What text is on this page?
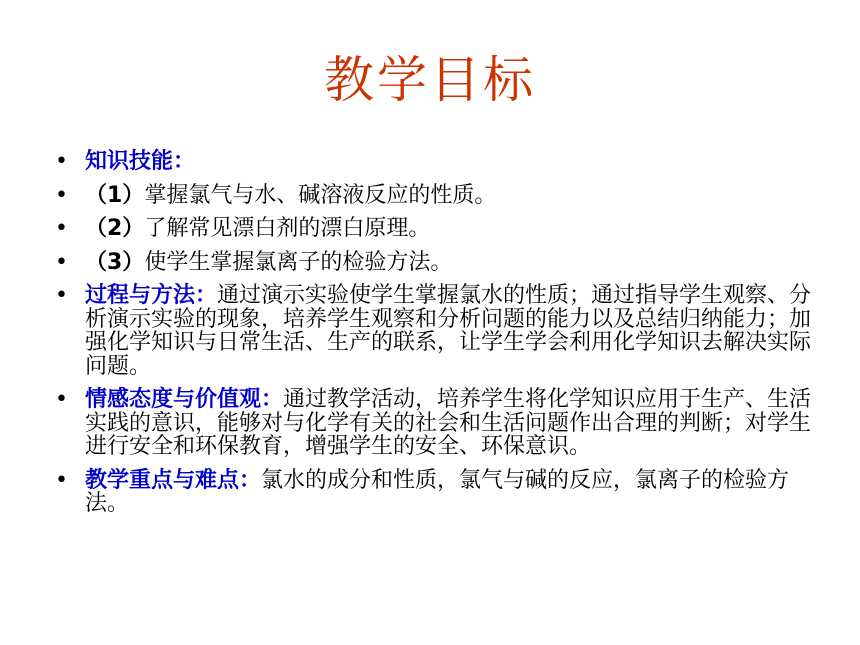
教学目标
• 知识技能：
• （1）掌握氯气与水、碱溶液反应的性质。
• （2）了解常见漂白剂的漂白原理。
• （3）使学生掌握氯离子的检验方法。
• 过程与方法：通过演示实验使学生掌握氯水的性质；通过指导学生观察、分析演示实验的现象，培养学生观察和分析问题的能力以及总结归纳能力；加强化学知识与日常生活、生产的联系，让学生学会利用化学知识去解决实际问题。
• 情感态度与价值观：通过教学活动，培养学生将化学知识应用于生产、生活实践的意识，能够对与化学有关的社会和生活问题作出合理的判断；对学生进行安全和环保教育，增强学生的安全、环保意识。
• 教学重点与难点：氯水的成分和性质，氯气与碱的反应，氯离子的检验方法。
